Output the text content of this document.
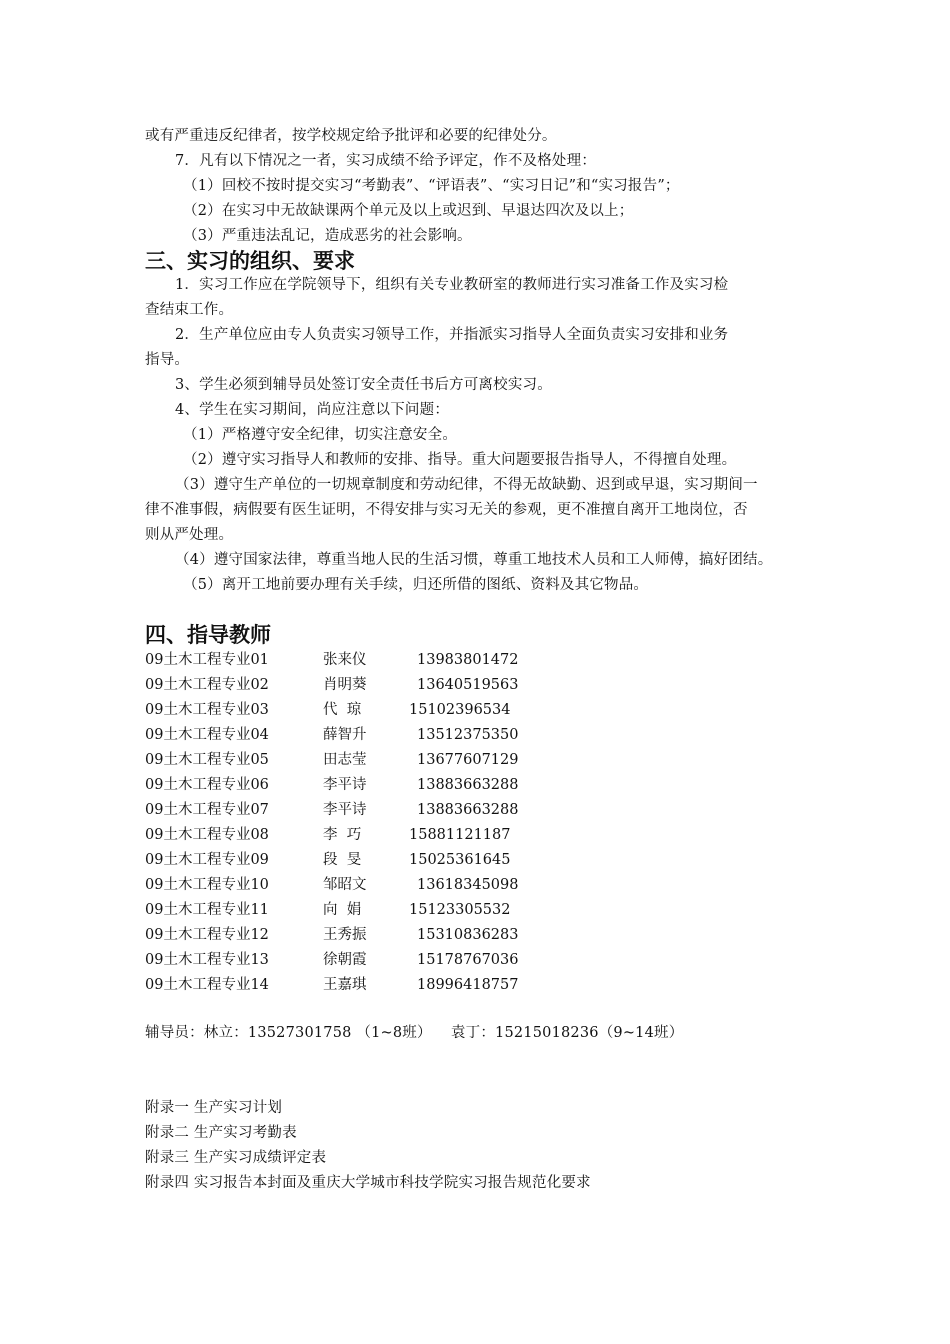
或有严重违反纪律者，按学校规定给予批评和必要的纪律处分。
7．凡有以下情况之一者，实习成绩不给予评定，作不及格处理：
（1）回校不按时提交实习“考勤表”、“评语表”、“实习日记”和“实习报告”；
（2）在实习中无故缺课两个单元及以上或迟到、早退达四次及以上；
（3）严重违法乱记，造成恶劣的社会影响。
三、实习的组织、要求
1．实习工作应在学院领导下，组织有关专业教研室的教师进行实习准备工作及实习检
查结束工作。
2．生产单位应由专人负责实习领导工作，并指派实习指导人全面负责实习安排和业务
指导。
3、学生必须到辅导员处签订安全责任书后方可离校实习。
4、学生在实习期间，尚应注意以下问题：
（1）严格遵守安全纪律，切实注意安全。
（2）遵守实习指导人和教师的安排、指导。重大问题要报告指导人，不得擅自处理。
（3）遵守生产单位的一切规章制度和劳动纪律，不得无故缺勤、迟到或早退，实习期间一
律不准事假，病假要有医生证明，不得安排与实习无关的参观，更不准擅自离开工地岗位，否
则从严处理。
（4）遵守国家法律，尊重当地人民的生活习惯，尊重工地技术人员和工人师傅，搞好团结。
（5）离开工地前要办理有关手续，归还所借的图纸、资料及其它物品。
四、指导教师
09土木工程专业01	张来仪	13983801472
09土木工程专业02	肖明葵	13640519563
09土木工程专业03	代  琼	15102396534
09土木工程专业04	薛智升	13512375350
09土木工程专业05	田志莹	13677607129
09土木工程专业06	李平诗	13883663288
09土木工程专业07	李平诗	13883663288
09土木工程专业08	李  巧	15881121187
09土木工程专业09	段  旻	15025361645
09土木工程专业10	邹昭文	13618345098
09土木工程专业11	向  娟	15123305532
09土木工程专业12	王秀振	15310836283
09土木工程专业13	徐朝霞	15178767036
09土木工程专业14	王嘉琪	18996418757
辅导员：林立：13527301758 （1~8班）    袁丁：15215018236（9~14班）
附录一 生产实习计划
附录二 生产实习考勤表
附录三 生产实习成绩评定表
附录四 实习报告本封面及重庆大学城市科技学院实习报告规范化要求
